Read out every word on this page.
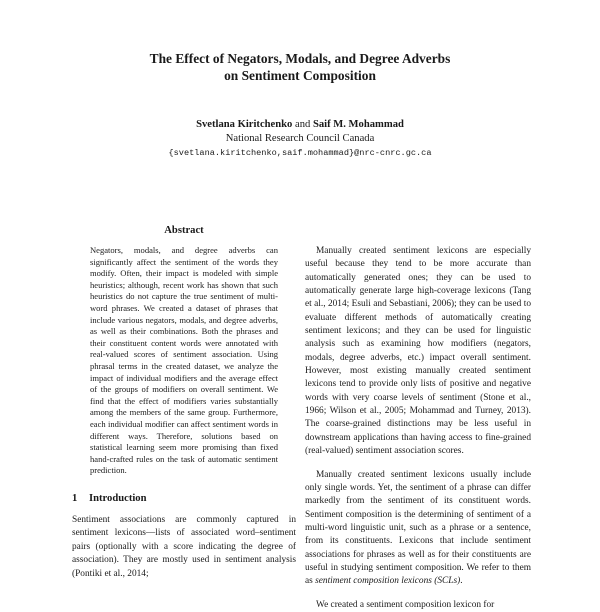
The Effect of Negators, Modals, and Degree Adverbs
on Sentiment Composition
Svetlana Kiritchenko and Saif M. Mohammad
National Research Council Canada
{svetlana.kiritchenko,saif.mohammad}@nrc-cnrc.gc.ca
Abstract

Negators, modals, and degree adverbs can significantly affect the sentiment of the words they modify. Often, their impact is modeled with simple heuristics; although, recent work has shown that such heuristics do not capture the true sentiment of multi-word phrases. We created a dataset of phrases that include various negators, modals, and degree adverbs, as well as their combinations. Both the phrases and their constituent content words were annotated with real-valued scores of sentiment association. Using phrasal terms in the created dataset, we analyze the impact of individual modifiers and the average effect of the groups of modifiers on overall sentiment. We find that the effect of modifiers varies substantially among the members of the same group. Furthermore, each individual modifier can affect sentiment words in different ways. Therefore, solutions based on statistical learning seem more promising than fixed hand-crafted rules on the task of automatic sentiment prediction.

1 Introduction

Sentiment associations are commonly captured in sentiment lexicons—lists of associated word–sentiment pairs (optionally with a score indicating the degree of association). They are mostly used in sentiment analysis (Pontiki et al., 2014;

Manually created sentiment lexicons are especially useful because they tend to be more accurate than automatically generated ones; they can be used to automatically generate large high-coverage lexicons (Tang et al., 2014; Esuli and Sebastiani, 2006); they can be used to evaluate different methods of automatically creating sentiment lexicons; and they can be used for linguistic analysis such as examining how modifiers (negators, modals, degree adverbs, etc.) impact overall sentiment. However, most existing manually created sentiment lexicons tend to provide only lists of positive and negative words with very coarse levels of sentiment (Stone et al., 1966; Wilson et al., 2005; Mohammad and Turney, 2013). The coarse-grained distinctions may be less useful in downstream applications than having access to fine-grained (real-valued) sentiment association scores.

Manually created sentiment lexicons usually include only single words. Yet, the sentiment of a phrase can differ markedly from the sentiment of its constituent words. Sentiment composition is the determining of sentiment of a multi-word linguistic unit, such as a phrase or a sentence, from its constituents. Lexicons that include sentiment associations for phrases as well as for their constituents are useful in studying sentiment composition. We refer to them as sentiment composition lexicons (SCLs).

We created a sentiment composition lexicon for
